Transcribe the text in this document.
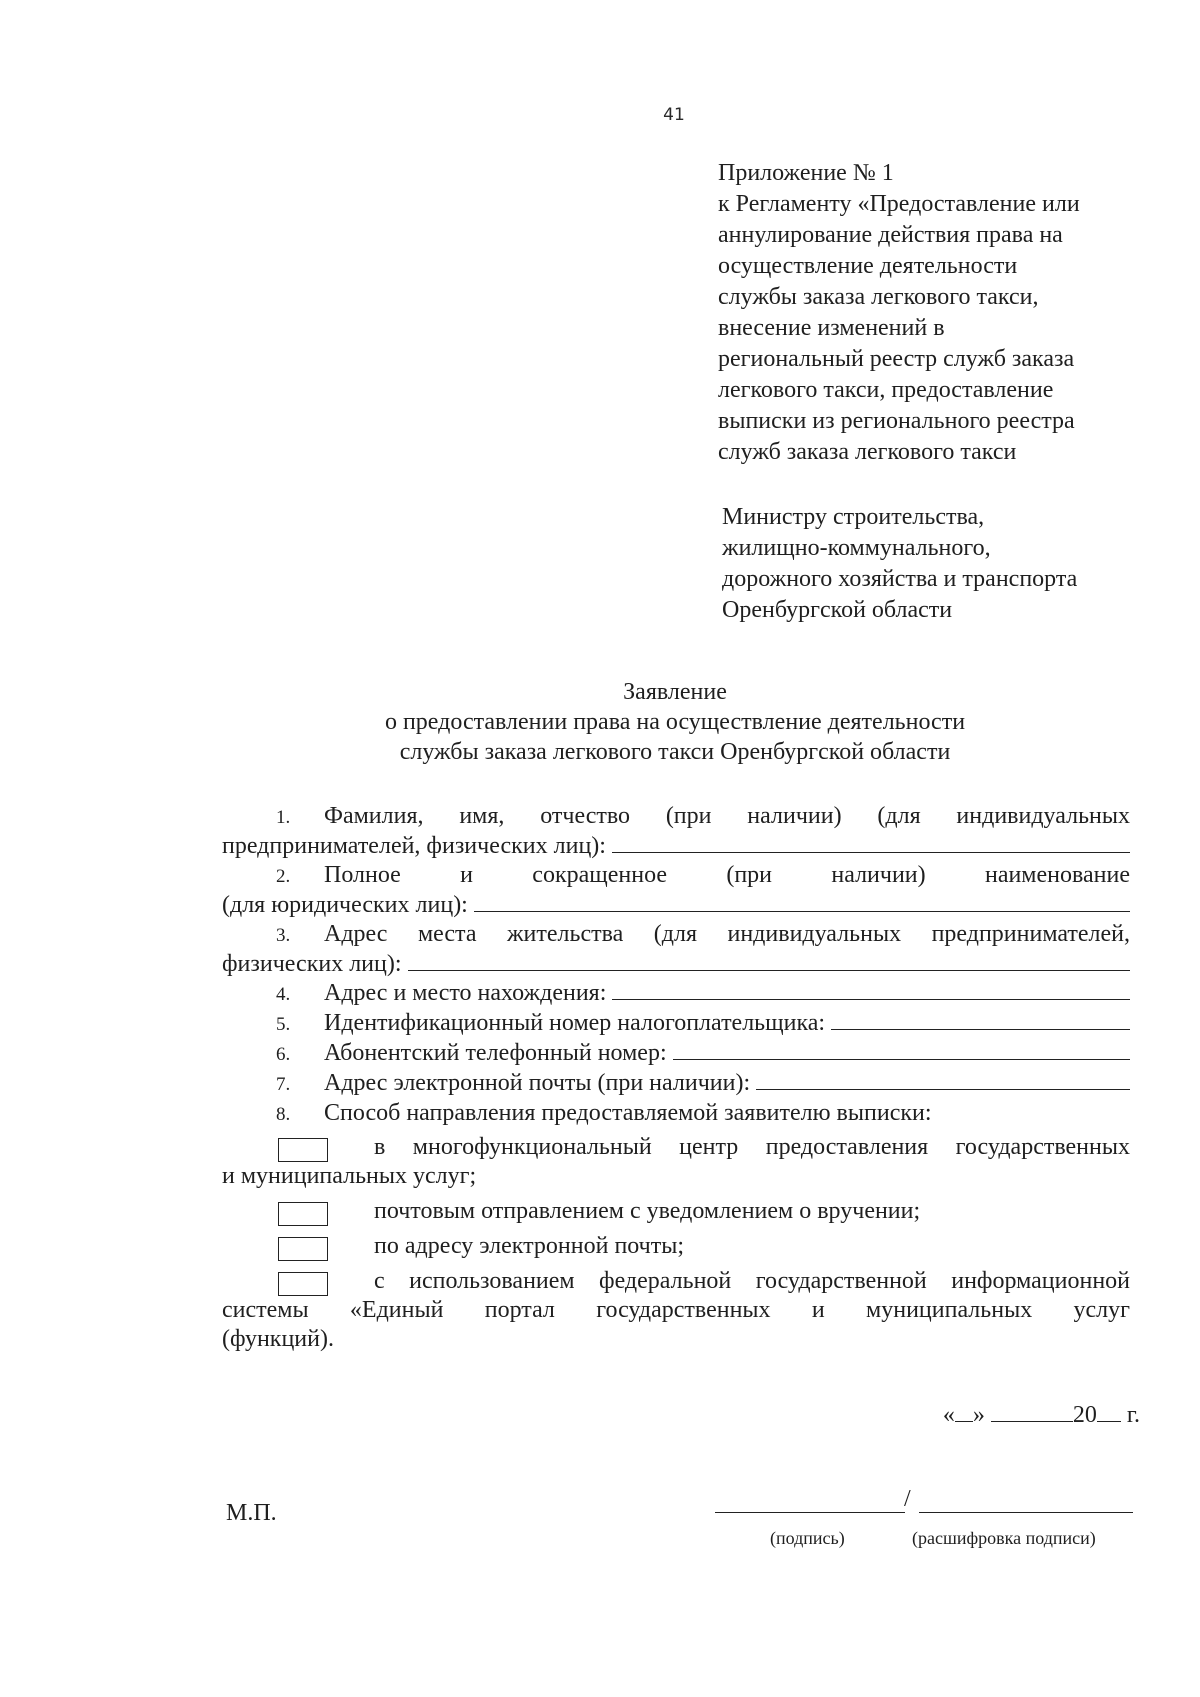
41
Приложение № 1
к Регламенту «Предоставление или
аннулирование действия права на
осуществление деятельности
службы заказа легкового такси,
внесение изменений в
региональный реестр служб заказа
легкового такси, предоставление
выписки из регионального реестра
служб заказа легкового такси
Министру строительства,
жилищно-коммунального,
дорожного хозяйства и транспорта
Оренбургской области
Заявление
о предоставлении права на осуществление деятельности
службы заказа легкового такси Оренбургской области
1.	Фамилия, имя, отчество (при наличии) (для индивидуальных
предпринимателей, физических лиц):
2.	Полное и сокращенное (при наличии) наименование
(для юридических лиц):
3.	Адрес места жительства (для индивидуальных предпринимателей,
физических лиц):
4.	Адрес и место нахождения:
5.	Идентификационный номер налогоплательщика:
6.	Абонентский телефонный номер:
7.	Адрес электронной почты (при наличии):
8.	Способ направления предоставляемой заявителю выписки:
в многофункциональный центр предоставления государственных
и муниципальных услуг;
почтовым отправлением с уведомлением о вручении;
по адресу электронной почты;
с использованием федеральной государственной информационной
системы «Единый портал государственных и муниципальных услуг
(функций).
« »	20 г.
М.П.
/
(подпись)	(расшифровка подписи)
